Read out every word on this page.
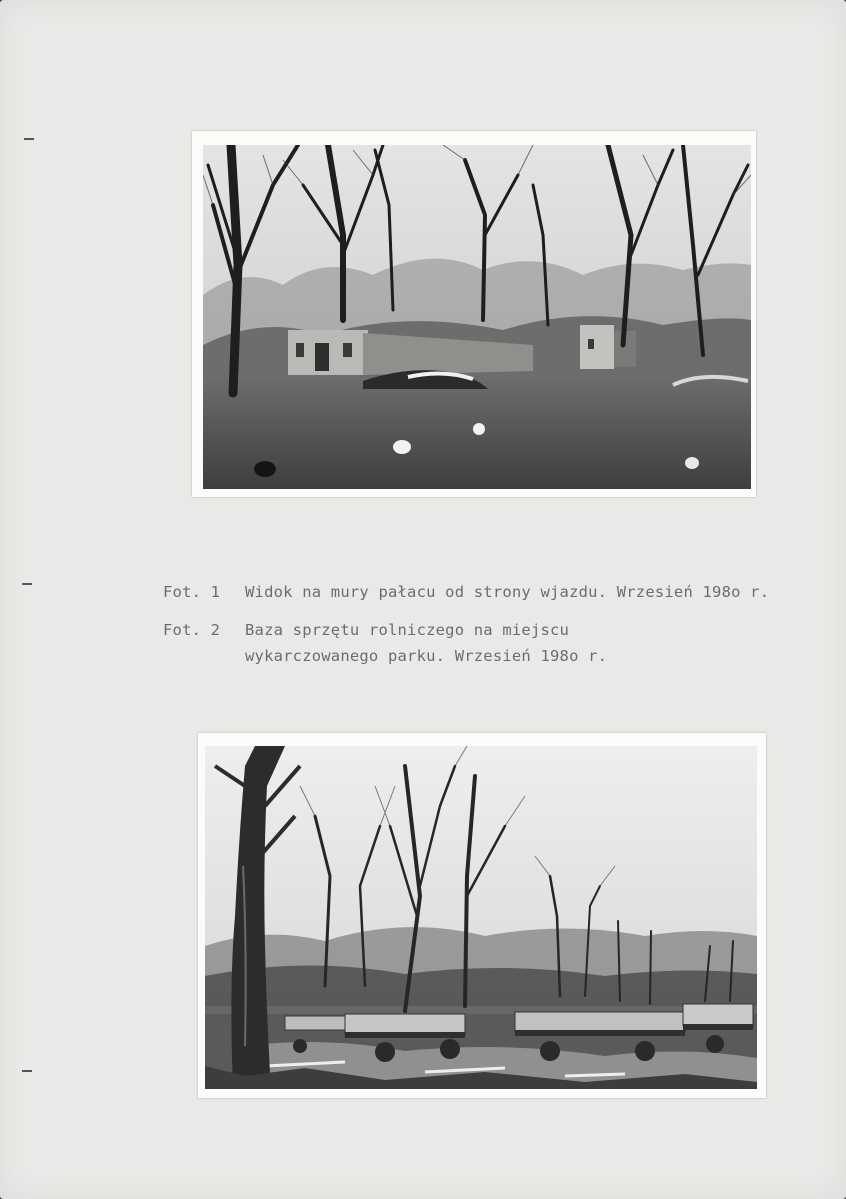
Fot. 1 Widok na mury pałacu od strony wjazdu. Wrzesień 198o r.
Fot. 2 Baza sprzętu rolniczego na miejscu
wykarczowanego parku. Wrzesień 198o r.
